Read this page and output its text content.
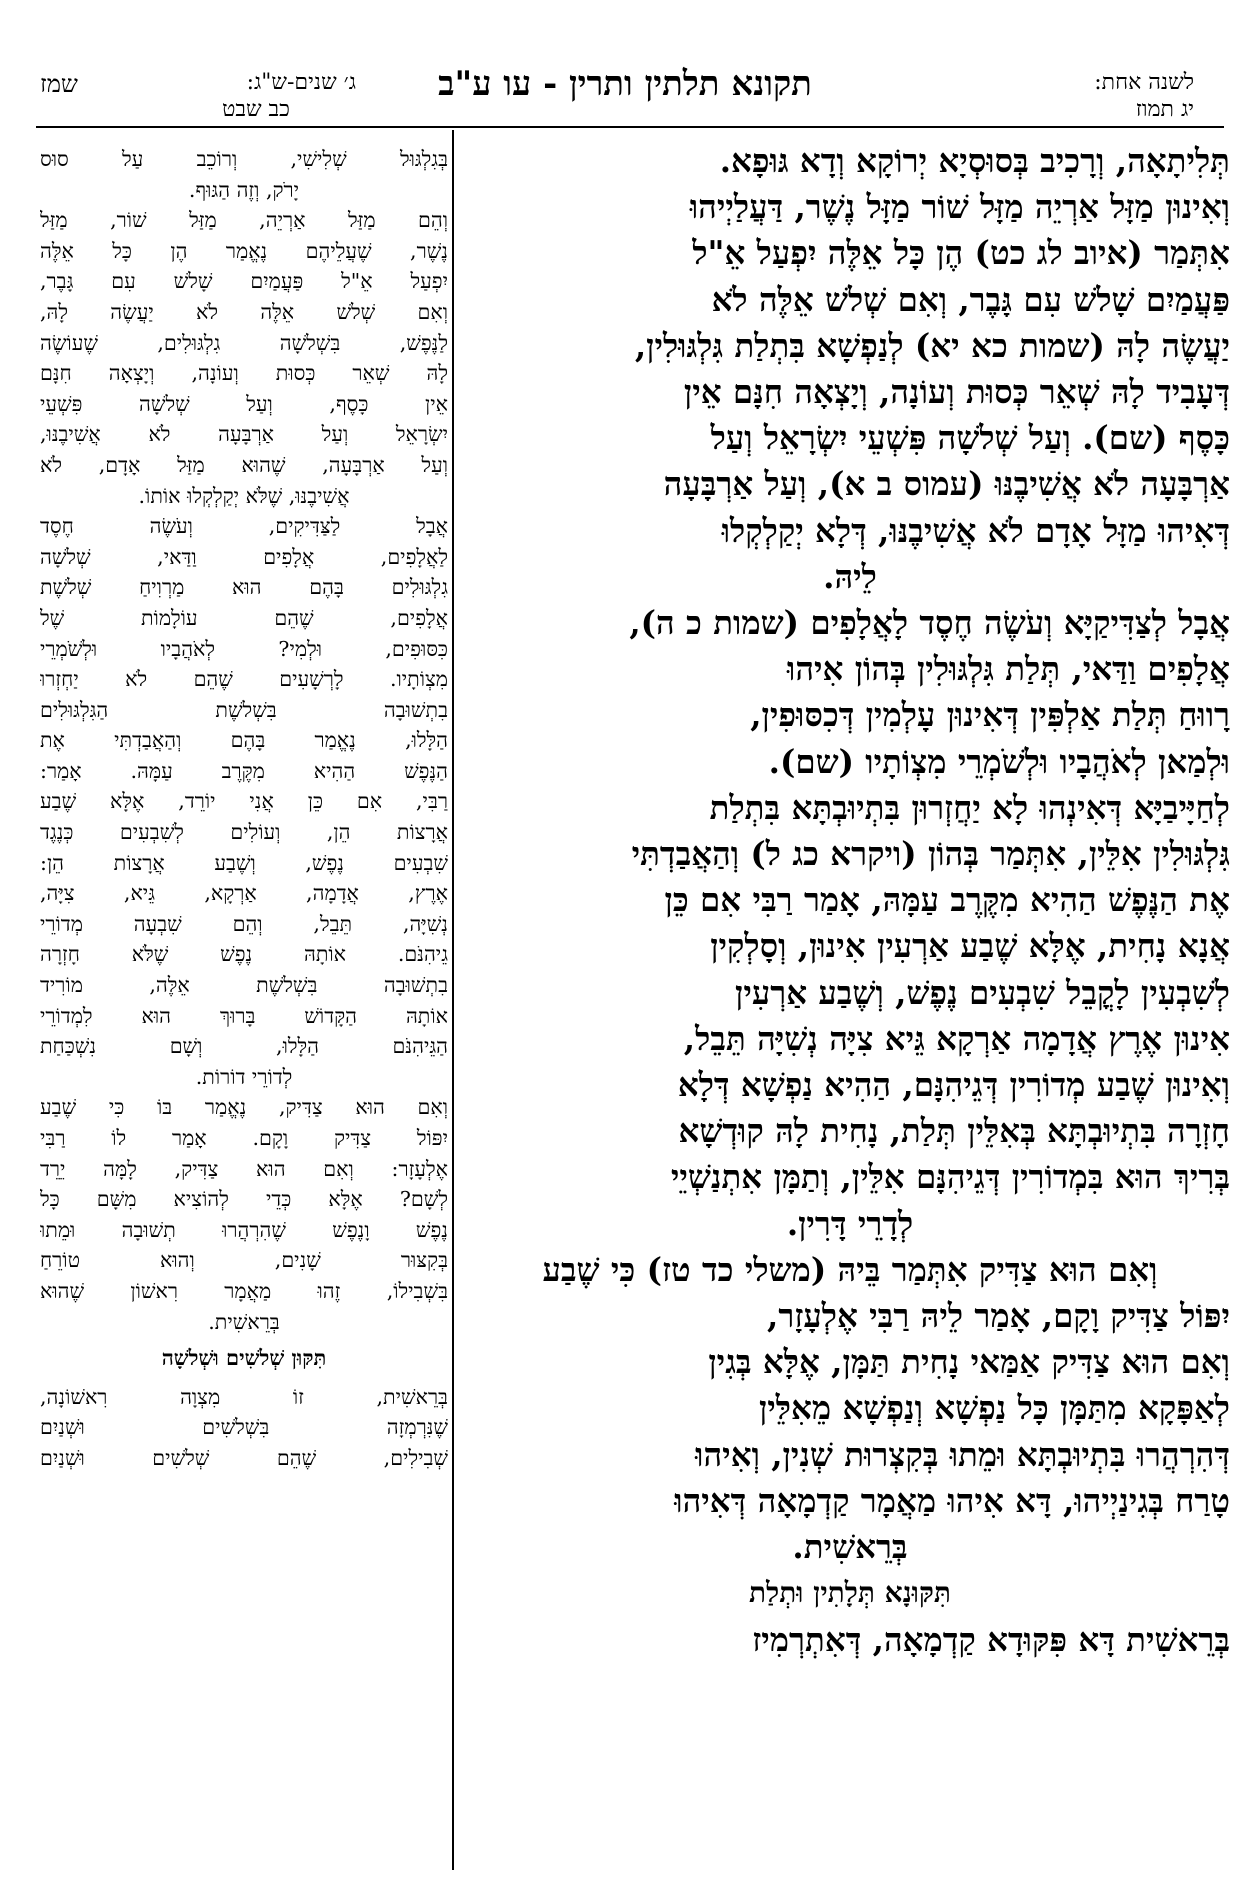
לשנה אחת:
יג תמוז
תקונא תלתין ותרין - עו ע"ב
ג׳ שנים-ש"ג:
כב שבט
שמז
תְּלִיתָאָה, וְרָכִיב בְּסוּסְיָא יְרוֹקָא וְדָא גּוּפָא.
וְאִינוּן מַזָּל אַרְיֵה מַזָּל שׁוֹר מַזָּל נֶשֶׁר, דַּעֲלַיְיהוּ
אִתְּמַר (איוב לג כט) הֶן כָּל אֵלֶּה יִפְעַל אֵ"ל
פַּעֲמַיִם שָׁלשׁ עִם גָּבֶר, וְאִם שְׁלשׁ אֵלֶּה לֹא
יַעֲשֶׂה לָהּ (שמות כא יא) לְנַפְשָׁא בִּתְלַת גִּלְגּוּלִין,
דְּעָבִיד לָהּ שְׁאֵר כְּסוּת וְעוֹנָה, וְיָצְאָה חִנָּם אֵין
כָּסֶף (שם). וְעַל שְׁלשָׁה פִּשְׁעֵי יִשְׂרָאֵל וְעַל
אַרְבָּעָה לֹא אֲשִׁיבֶנּוּ (עמוס ב א), וְעַל אַרְבָּעָה
דְּאִיהוּ מַזָּל אָדָם לֹא אֲשִׁיבֶנּוּ, דְּלָא יְקַלְקְלוּ
לֵיהּ.
אֲבָל לְצַדִּיקַיָּא וְעֹשֶׂה חֶסֶד לָאֲלָפִים (שמות כ ה),
אֲלָפִים וַדַּאי, תְּלַת גִּלְגּוּלִין בְּהוֹן אִיהוּ
רָווּחַ תְּלַת אַלְפִּין דְּאִינוּן עָלְמִין דְּכִסּוּפִין,
וּלְמַאן לְאֹהֲבָיו וּלְשֹׁמְרֵי מִצְוֹתָיו (שם).
לְחַיָּיבַיָּא דְּאִינְהוּ לָא יַחֲזְרוּן בִּתְיוּבְתָּא בִּתְלַת
גִּלְגּוּלִין אִלֵּין, אִתְּמַר בְּהוֹן (ויקרא כג ל) וְהַאֲבַדְתִּי
אֶת הַנֶּפֶשׁ הַהִיא מִקֶּרֶב עַמָּהּ, אָמַר רַבִּי אִם כֵּן
אֲנָא נָחִית, אֶלָּא שֶׁבַע אַרְעִין אִינוּן, וְסָלְקִין
לְשִׁבְעִין לָקֳבֵל שִׁבְעִים נֶפֶשׁ, וְשֶׁבַע אַרְעִין
אִינוּן אֶרֶץ אֲדָמָה אַרְקָא גֵּיא צִיָּה נְשִׁיָּה תֵּבֵל,
וְאִינוּן שֶׁבַע מְדוֹרִין דְּגֵיהִנָּם, הַהִיא נַפְשָׁא דְּלָא
חָזְרָה בִּתְיוּבְתָּא בְּאִלֵּין תְּלַת, נָחִית לָהּ קוּדְשָׁא
בְּרִיךְ הוּא בִּמְדוֹרִין דְּגֵיהִנָּם אִלֵּין, וְתַמָּן אִתְנַשְׁיֵי
לְדָרֵי דָּרִין.
וְאִם הוּא צַדִּיק אִתְּמַר בֵּיהּ (משלי כד טז) כִּי שֶׁבַע
יִפּוֹל צַדִּיק וָקָם, אָמַר לֵיהּ רַבִּי אֶלְעָזָר,
וְאִם הוּא צַדִּיק אַמַּאי נָחִית תַּמָּן, אֶלָּא בְּגִין
לְאַפָּקָא מִתַּמָּן כָּל נַפְשָׁא וְנַפְשָׁא מֵאִלֵּין
דְּהִרְהֲרוּ בִּתְיוּבְתָּא וּמֵתוּ בְּקִצְרוּת שְׁנִין, וְאִיהוּ
טָרַח בְּגִינַיְיהוּ, דָּא אִיהוּ מַאֲמָר קַדְמָאָה דְּאִיהוּ
בְּרֵאשִׁית.
תִּקּוּנָא תְּלָתִין וּתְלַת
בְּרֵאשִׁית דָּא פִּקּוּדָא קַדְמָאָה, דְּאִתְרְמִיז
בְּגִלְגּוּל שְׁלִישִׁי, וְרוֹכֵב עַל סוּס
יָרֹק, וְזֶה הַגּוּף.
וְהֵם מַזַּל אַרְיֵה, מַזַּל שׁוֹר, מַזַּל
נֶשֶׁר, שֶׁעֲלֵיהֶם נֶאֱמַר הֶן כָּל אֵלֶּה
יִפְעַל אֵ"ל פַּעֲמַיִם שָׁלשׁ עִם גָּבֶר,
וְאִם שְׁלשׁ אֵלֶּה לֹא יַעֲשֶׂה לָהּ,
לַנֶּפֶשׁ, בִּשְׁלשָׁה גִלְגּוּלִים, שֶׁעוֹשֶׂה
לָהּ שְׁאֵר כְּסוּת וְעוֹנָה, וְיָצְאָה חִנָּם
אֵין כָּסֶף, וְעַל שְׁלשָׁה פִּשְׁעֵי
יִשְׂרָאֵל וְעַל אַרְבָּעָה לֹא אֲשִׁיבֶנּוּ,
וְעַל אַרְבָּעָה, שֶׁהוּא מַזַּל אָדָם, לֹא
אֲשִׁיבֶנּוּ, שֶׁלֹּא יְקַלְקְלוּ אוֹתוֹ.
אֲבָל לַצַּדִּיקִים, וְעֹשֶׂה חֶסֶד
לַאֲלָפִים, אֲלָפִים וַדַּאי, שְׁלשָׁה
גִלְגּוּלִים בָּהֶם הוּא מַרְוִיחַ שְׁלשֶׁת
אֲלָפִים, שֶׁהֵם עוֹלָמוֹת שֶׁל
כִּסּוּפִים, וּלְמִי? לְאֹהֲבָיו וּלְשֹׁמְרֵי
מִצְוֹתָיו. לָרְשָׁעִים שֶׁהֵם לֹא יַחְזְרוּ
בִתְשׁוּבָה בִּשְׁלשֶׁת הַגִּלְגּוּלִים
הַלָּלוּ, נֶאֱמַר בָּהֶם וְהַאֲבַדְתִּי אֶת
הַנֶּפֶשׁ הַהִיא מִקֶּרֶב עַמָּהּ. אָמַר:
רַבִּי, אִם כֵּן אֲנִי יוֹרֵד, אֶלָּא שֶׁבַע
אֲרָצוֹת הֵן, וְעוֹלִים לְשִׁבְעִים כְּנֶגֶד
שִׁבְעִים נֶפֶשׁ, וְשֶׁבַע אֲרָצוֹת הֵן:
אֶרֶץ, אֲדָמָה, אַרְקָא, גֵּיא, צִיָּה,
נְשִׁיָּה, תֵּבֵל, וְהֵם שִׁבְעָה מְדוֹרֵי
גֵיהִנֹּם. אוֹתָהּ נֶפֶשׁ שֶׁלֹּא חָזְרָה
בִתְשׁוּבָה בִּשְׁלשֶׁת אֵלֶּה, מוֹרִיד
אוֹתָהּ הַקָּדוֹשׁ בָּרוּךְ הוּא לִמְדוֹרֵי
הַגֵּיהִנֹּם הַלָּלוּ, וְשָׁם נִשְׁכַּחַת
לְדוֹרֵי דוֹרוֹת.
וְאִם הוּא צַדִּיק, נֶאֱמַר בּוֹ כִּי שֶׁבַע
יִפּוֹל צַדִּיק וָקָם. אָמַר לוֹ רַבִּי
אֶלְעָזָר: וְאִם הוּא צַדִּיק, לָמָּה יֵרֵד
לְשָׁם? אֶלָּא כְּדֵי לְהוֹצִיא מִשָּׁם כָּל
נֶפֶשׁ וָנֶפֶשׁ שֶׁהִרְהֲרוּ תְשׁוּבָה וּמֵתוּ
בְּקִצּוּר שָׁנִים, וְהוּא טוֹרֵחַ
בִּשְׁבִילוֹ, זֶהוּ מַאֲמָר רִאשׁוֹן שֶׁהוּא
בְּרֵאשִׁית.
תִּקּוּן שְׁלשִׁים וּשְׁלשָׁה
בְּרֵאשִׁית, זוֹ מִצְוָה רִאשׁוֹנָה,
שֶׁנִּרְמְזָה בִּשְׁלשִׁים וּשְׁנַיִם
שְׁבִילִים, שֶׁהֵם שְׁלשִׁים וּשְׁנַיִם
